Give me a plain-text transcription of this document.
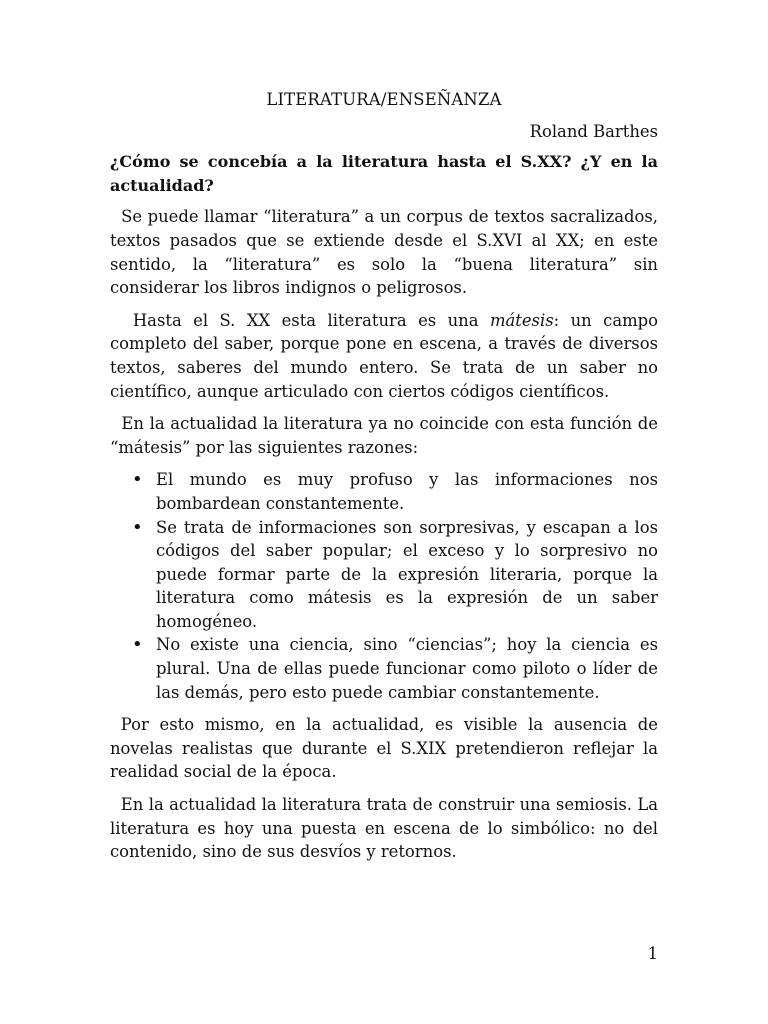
LITERATURA/ENSEÑANZA
Roland Barthes
¿Cómo se concebía a la literatura hasta el S.XX? ¿Y en la actualidad?

Se puede llamar “literatura” a un corpus de textos sacralizados, textos pasados que se extiende desde el S.XVI al XX; en este sentido, la “literatura” es solo la “buena literatura” sin considerar los libros indignos o peligrosos.

Hasta el S. XX esta literatura es una mátesis: un campo completo del saber, porque pone en escena, a través de diversos textos, saberes del mundo entero. Se trata de un saber no científico, aunque articulado con ciertos códigos científicos.

En la actualidad la literatura ya no coincide con esta función de “mátesis” por las siguientes razones:

• El mundo es muy profuso y las informaciones nos bombardean constantemente.
• Se trata de informaciones son sorpresivas, y escapan a los códigos del saber popular; el exceso y lo sorpresivo no puede formar parte de la expresión literaria, porque la literatura como mátesis es la expresión de un saber homogéneo.
• No existe una ciencia, sino “ciencias”; hoy la ciencia es plural. Una de ellas puede funcionar como piloto o líder de las demás, pero esto puede cambiar constantemente.

Por esto mismo, en la actualidad, es visible la ausencia de novelas realistas que durante el S.XIX pretendieron reflejar la realidad social de la época.

En la actualidad la literatura trata de construir una semiosis. La literatura es hoy una puesta en escena de lo simbólico: no del contenido, sino de sus desvíos y retornos.

1
